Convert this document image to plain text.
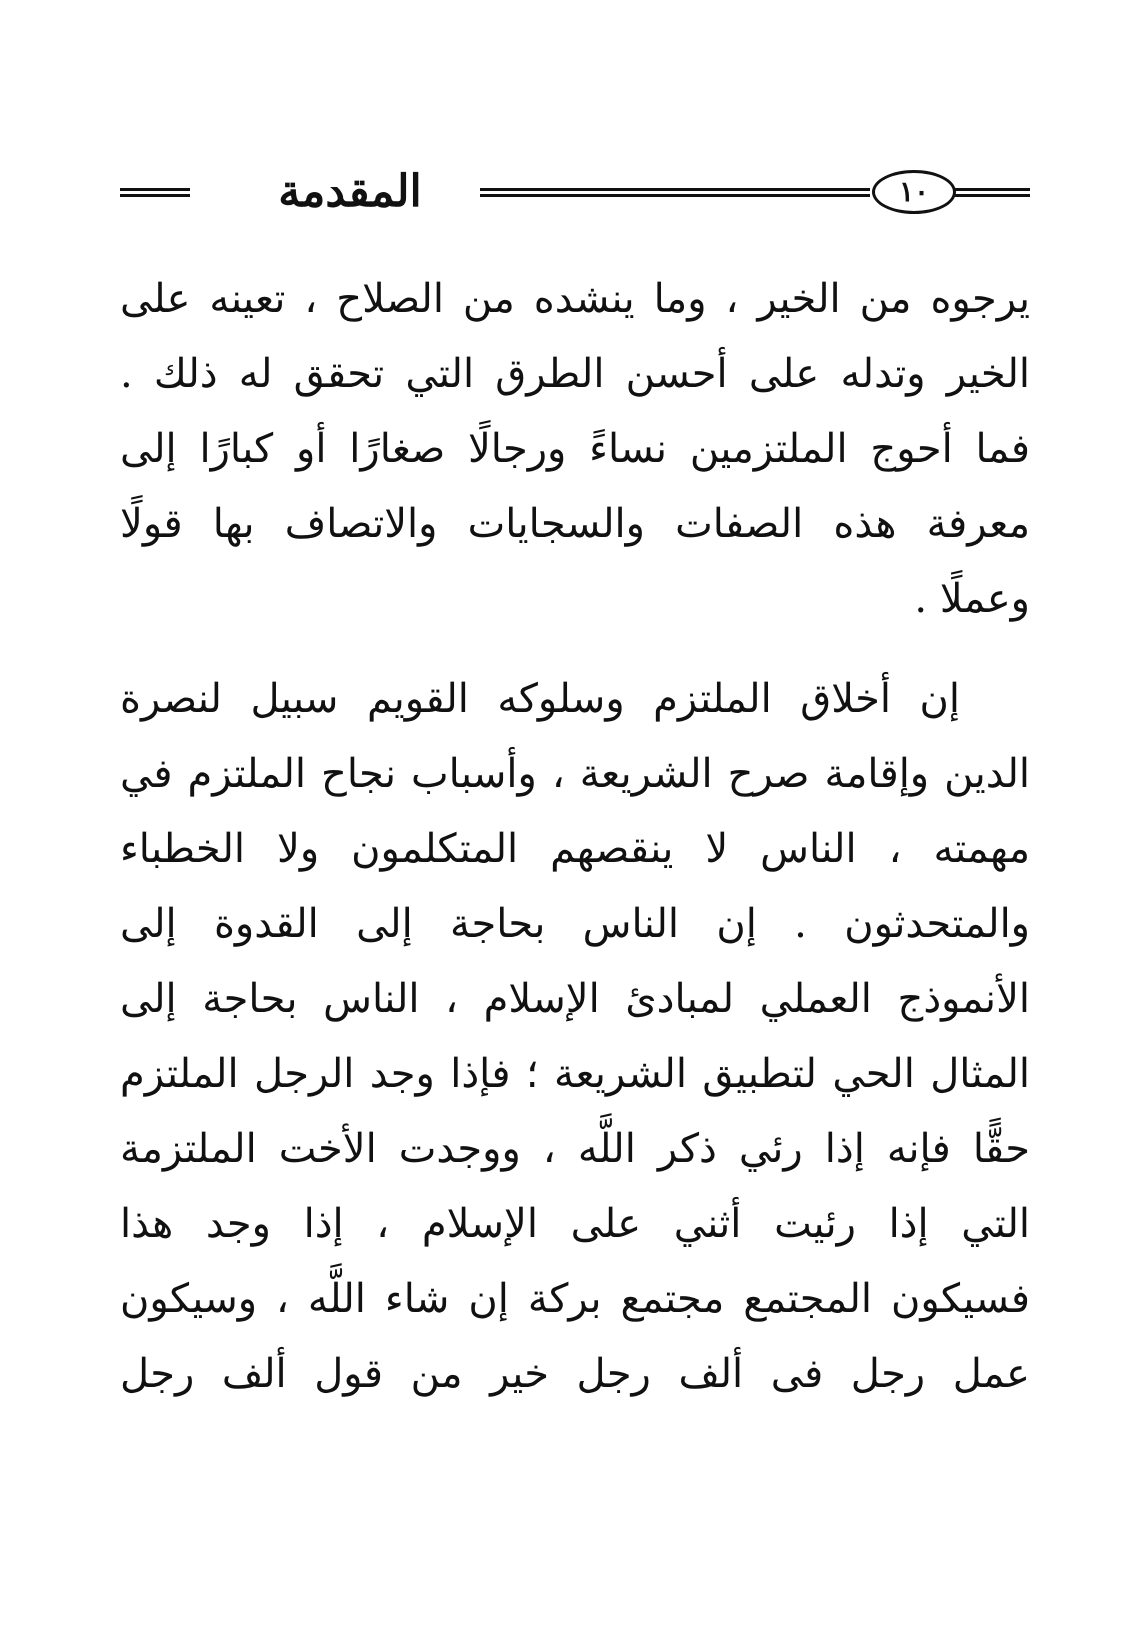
المقدمة	١٠
يرجوه من الخير ، وما ينشده من الصلاح ، تعينه على
الخير وتدله على أحسن الطرق التي تحقق له ذلك .
فما أحوج الملتزمين نساءً ورجالًا صغارًا أو كبارًا إلى
معرفة هذه الصفات والسجايات والاتصاف بها قولًا
وعملًا .
إن أخلاق الملتزم وسلوكه القويم سبيل لنصرة
الدين وإقامة صرح الشريعة ، وأسباب نجاح الملتزم في
مهمته ، الناس لا ينقصهم المتكلمون ولا الخطباء
والمتحدثون . إن الناس بحاجة إلى القدوة إلى
الأنموذج العملي لمبادئ الإسلام ، الناس بحاجة إلى
المثال الحي لتطبيق الشريعة ؛ فإذا وجد الرجل الملتزم
حقًّا فإنه إذا رئي ذكر اللَّه ، ووجدت الأخت الملتزمة
التي إذا رئيت أثني على الإسلام ، إذا وجد هذا
فسيكون المجتمع مجتمع بركة إن شاء اللَّه ، وسيكون
عمل رجل فى ألف رجل خير من قول ألف رجل
